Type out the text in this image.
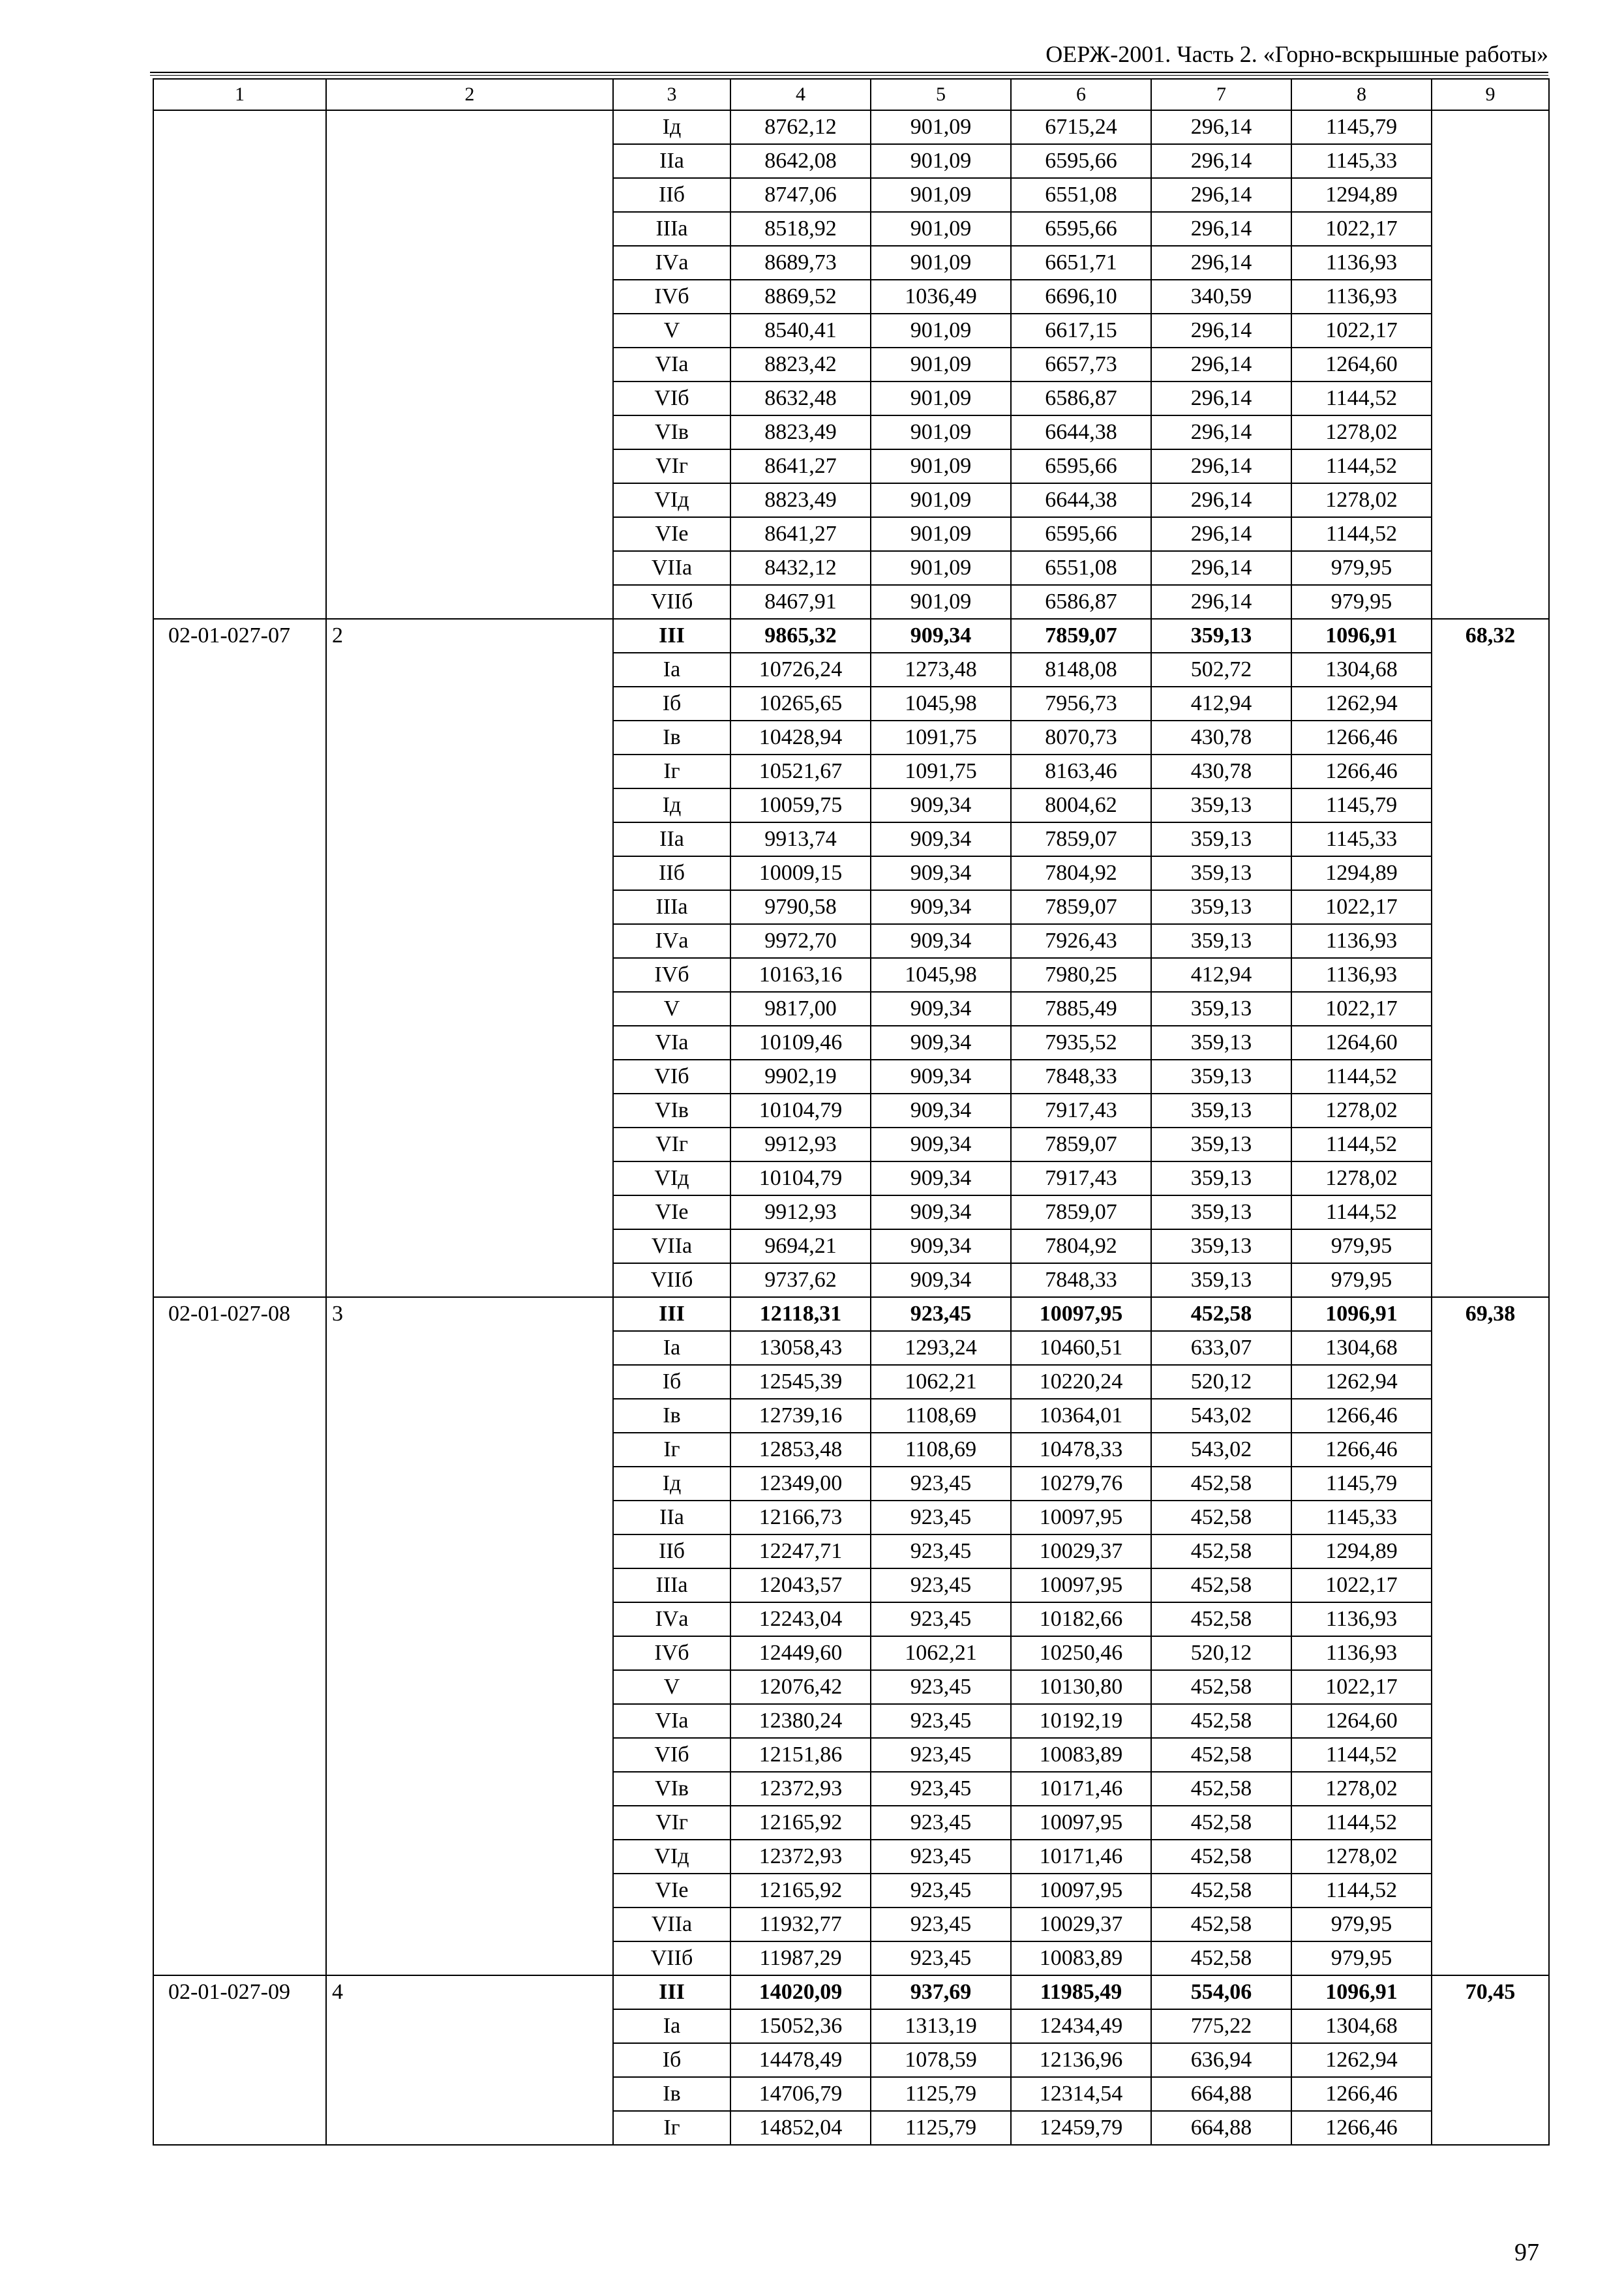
ОЕРЖ-2001. Часть 2. «Горно-вскрышные работы»
1	2	3	4	5	6	7	8	9
		Iд	8762,12	901,09	6715,24	296,14	1145,79	
		IIа	8642,08	901,09	6595,66	296,14	1145,33	
		IIб	8747,06	901,09	6551,08	296,14	1294,89	
		IIIа	8518,92	901,09	6595,66	296,14	1022,17	
		IVа	8689,73	901,09	6651,71	296,14	1136,93	
		IVб	8869,52	1036,49	6696,10	340,59	1136,93	
		V	8540,41	901,09	6617,15	296,14	1022,17	
		VIа	8823,42	901,09	6657,73	296,14	1264,60	
		VIб	8632,48	901,09	6586,87	296,14	1144,52	
		VIв	8823,49	901,09	6644,38	296,14	1278,02	
		VIг	8641,27	901,09	6595,66	296,14	1144,52	
		VIд	8823,49	901,09	6644,38	296,14	1278,02	
		VIе	8641,27	901,09	6595,66	296,14	1144,52	
		VIIа	8432,12	901,09	6551,08	296,14	979,95	
		VIIб	8467,91	901,09	6586,87	296,14	979,95	
02-01-027-07	2	III	9865,32	909,34	7859,07	359,13	1096,91	68,32
		Iа	10726,24	1273,48	8148,08	502,72	1304,68	
		Iб	10265,65	1045,98	7956,73	412,94	1262,94	
		Iв	10428,94	1091,75	8070,73	430,78	1266,46	
		Iг	10521,67	1091,75	8163,46	430,78	1266,46	
		Iд	10059,75	909,34	8004,62	359,13	1145,79	
		IIа	9913,74	909,34	7859,07	359,13	1145,33	
		IIб	10009,15	909,34	7804,92	359,13	1294,89	
		IIIа	9790,58	909,34	7859,07	359,13	1022,17	
		IVа	9972,70	909,34	7926,43	359,13	1136,93	
		IVб	10163,16	1045,98	7980,25	412,94	1136,93	
		V	9817,00	909,34	7885,49	359,13	1022,17	
		VIа	10109,46	909,34	7935,52	359,13	1264,60	
		VIб	9902,19	909,34	7848,33	359,13	1144,52	
		VIв	10104,79	909,34	7917,43	359,13	1278,02	
		VIг	9912,93	909,34	7859,07	359,13	1144,52	
		VIд	10104,79	909,34	7917,43	359,13	1278,02	
		VIе	9912,93	909,34	7859,07	359,13	1144,52	
		VIIа	9694,21	909,34	7804,92	359,13	979,95	
		VIIб	9737,62	909,34	7848,33	359,13	979,95	
02-01-027-08	3	III	12118,31	923,45	10097,95	452,58	1096,91	69,38
		Iа	13058,43	1293,24	10460,51	633,07	1304,68	
		Iб	12545,39	1062,21	10220,24	520,12	1262,94	
		Iв	12739,16	1108,69	10364,01	543,02	1266,46	
		Iг	12853,48	1108,69	10478,33	543,02	1266,46	
		Iд	12349,00	923,45	10279,76	452,58	1145,79	
		IIа	12166,73	923,45	10097,95	452,58	1145,33	
		IIб	12247,71	923,45	10029,37	452,58	1294,89	
		IIIа	12043,57	923,45	10097,95	452,58	1022,17	
		IVа	12243,04	923,45	10182,66	452,58	1136,93	
		IVб	12449,60	1062,21	10250,46	520,12	1136,93	
		V	12076,42	923,45	10130,80	452,58	1022,17	
		VIа	12380,24	923,45	10192,19	452,58	1264,60	
		VIб	12151,86	923,45	10083,89	452,58	1144,52	
		VIв	12372,93	923,45	10171,46	452,58	1278,02	
		VIг	12165,92	923,45	10097,95	452,58	1144,52	
		VIд	12372,93	923,45	10171,46	452,58	1278,02	
		VIе	12165,92	923,45	10097,95	452,58	1144,52	
		VIIа	11932,77	923,45	10029,37	452,58	979,95	
		VIIб	11987,29	923,45	10083,89	452,58	979,95	
02-01-027-09	4	III	14020,09	937,69	11985,49	554,06	1096,91	70,45
		Iа	15052,36	1313,19	12434,49	775,22	1304,68	
		Iб	14478,49	1078,59	12136,96	636,94	1262,94	
		Iв	14706,79	1125,79	12314,54	664,88	1266,46	
		Iг	14852,04	1125,79	12459,79	664,88	1266,46	
97
